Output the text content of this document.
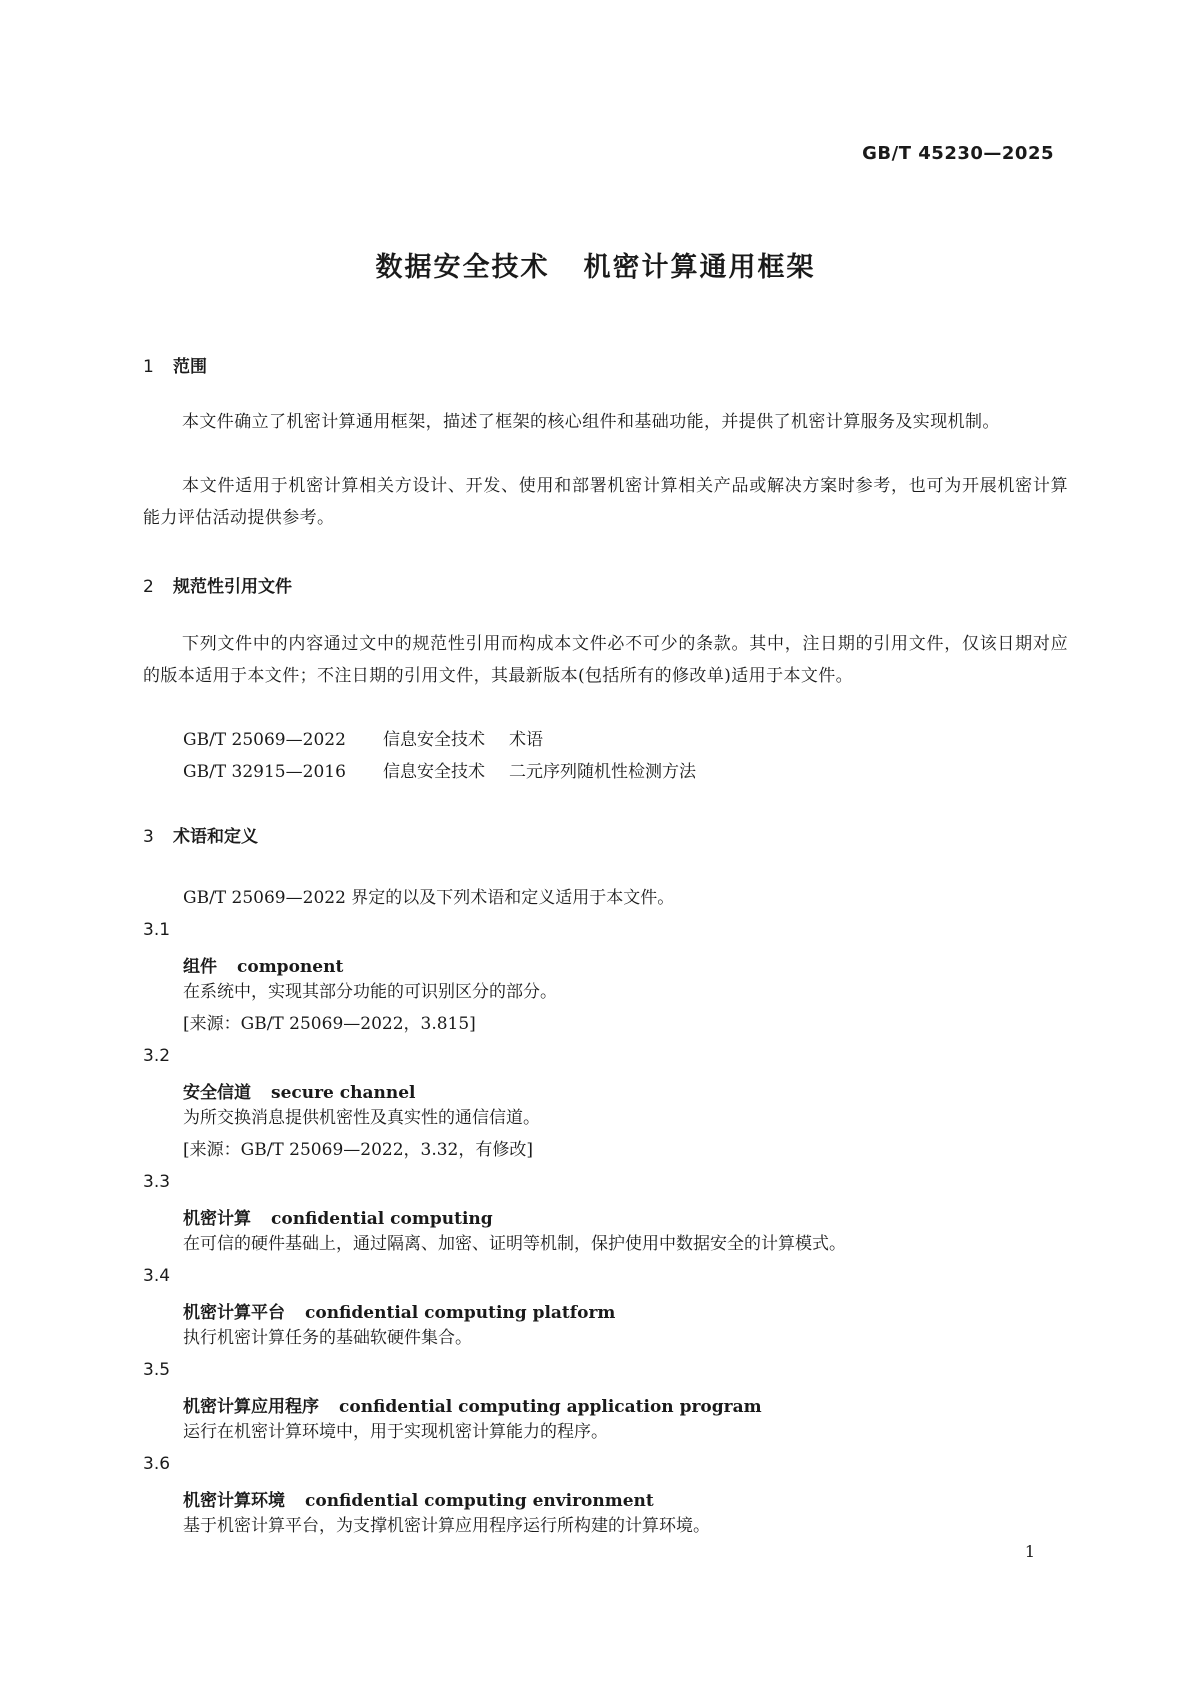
GB/T 45230—2025
数据安全技术 机密计算通用框架
1 范围
本文件确立了机密计算通用框架，描述了框架的核心组件和基础功能，并提供了机密计算服务及实现机制。
本文件适用于机密计算相关方设计、开发、使用和部署机密计算相关产品或解决方案时参考，也可为开展机密计算能力评估活动提供参考。
2 规范性引用文件
下列文件中的内容通过文中的规范性引用而构成本文件必不可少的条款。其中，注日期的引用文件，仅该日期对应的版本适用于本文件；不注日期的引用文件，其最新版本(包括所有的修改单)适用于本文件。
GB/T 25069—2022 信息安全技术 术语
GB/T 32915—2016 信息安全技术 二元序列随机性检测方法
3 术语和定义
GB/T 25069—2022 界定的以及下列术语和定义适用于本文件。
3.1
组件 component
在系统中，实现其部分功能的可识别区分的部分。
[来源：GB/T 25069—2022，3.815]
3.2
安全信道 secure channel
为所交换消息提供机密性及真实性的通信信道。
[来源：GB/T 25069—2022，3.32，有修改]
3.3
机密计算 confidential computing
在可信的硬件基础上，通过隔离、加密、证明等机制，保护使用中数据安全的计算模式。
3.4
机密计算平台 confidential computing platform
执行机密计算任务的基础软硬件集合。
3.5
机密计算应用程序 confidential computing application program
运行在机密计算环境中，用于实现机密计算能力的程序。
3.6
机密计算环境 confidential computing environment
基于机密计算平台，为支撑机密计算应用程序运行所构建的计算环境。
1
